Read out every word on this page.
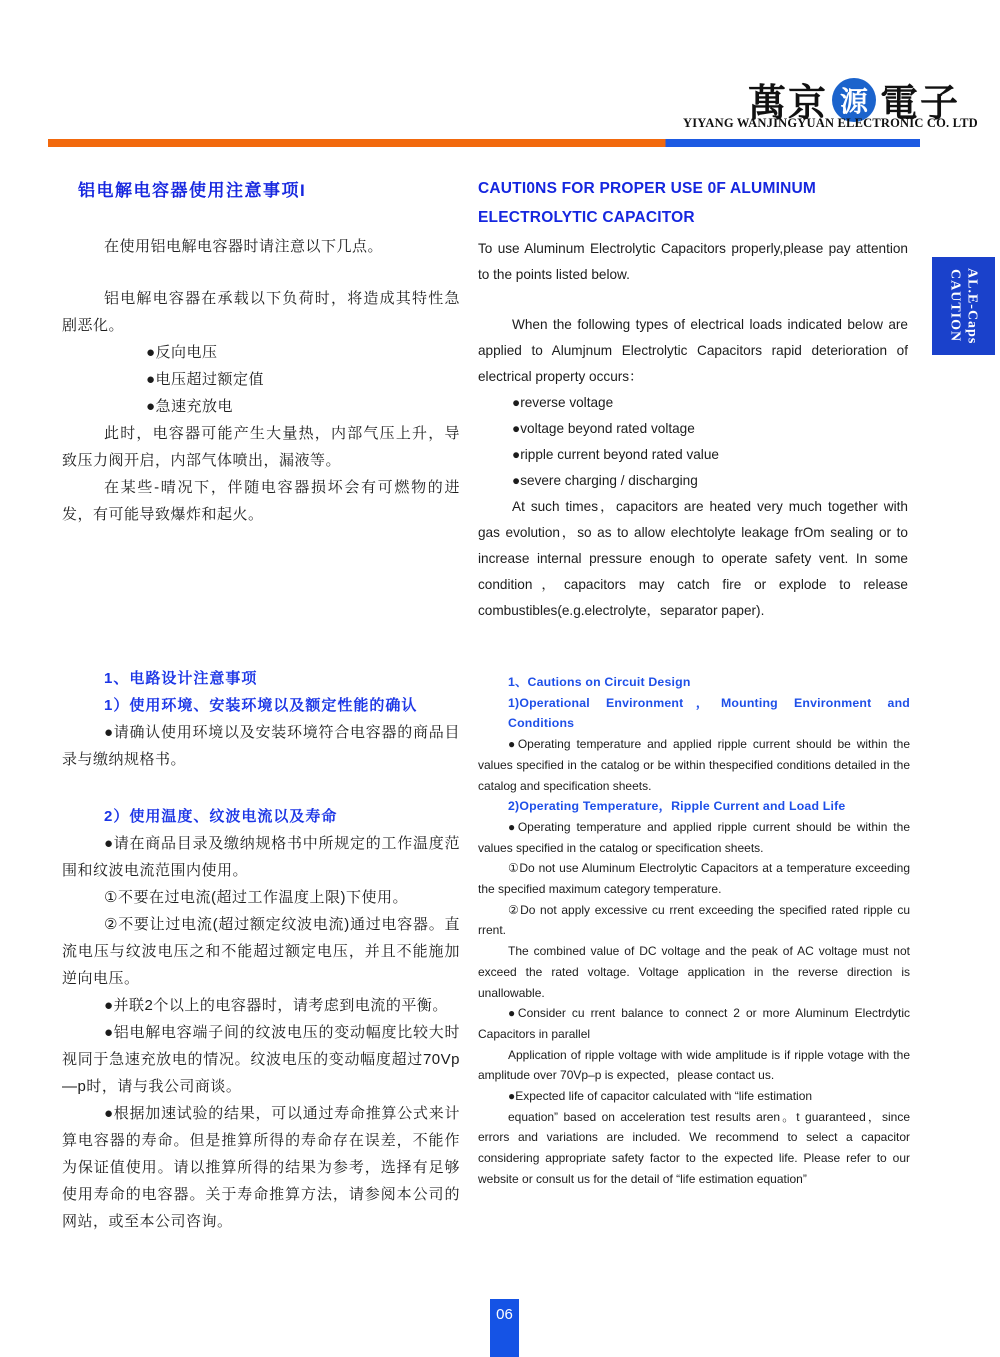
萬京 源 電子
YIYANG WANJINGYUAN ELECTRONIC CO. LTD
铝电解电容器使用注意事项I	CAUTI0NS FOR PROPER USE 0F ALUMINUM ELECTROLYTIC CAPACITOR
CAUTION AL.E-Caps

在使用铝电解电容器时请注意以下几点。

铝电解电容器在承载以下负荷时，将造成其特性急剧恶化。

●反向电压

●电压超过额定值

●急速充放电

此时，电容器可能产生大量热，内部气压上升，导致压力阀开启，内部气体喷出，漏液等。

在某些-晴况下，伴随电容器损坏会有可燃物的进发，有可能导致爆炸和起火。

1、电路设计注意事项
1）使用环境、安装环境以及额定性能的确认

●请确认使用环境以及安装环境符合电容器的商品目录与缴纳规格书。

2）使用温度、纹波电流以及寿命

●请在商品目录及缴纳规格书中所规定的工作温度范围和纹波电流范围内使用。

①不要在过电流(超过工作温度上限)下使用。

②不要让过电流(超过额定纹波电流)通过电容器。直流电压与纹波电压之和不能超过额定电压，并且不能施加逆向电压。

●并联2个以上的电容器时，请考虑到电流的平衡。

●铝电解电容端子间的纹波电压的变动幅度比较大时视同于急速充放电的情况。纹波电压的变动幅度超过70Vp—p时，请与我公司商谈。

●根据加速试验的结果，可以通过寿命推算公式来计算电容器的寿命。但是推算所得的寿命存在误差，不能作为保证值使用。请以推算所得的结果为参考，选择有足够使用寿命的电容器。关于寿命推算方法，请参阅本公司的网站，或至本公司咨询。

To use Aluminum Electrolytic Capacitors properly,please pay attention to the points listed below.

When the following types of electrical loads indicated below are applied to Alumjnum Electrolytic Capacitors rapid deterioration of electrical property occurs：

●reverse voltage

●voltage beyond rated voltage

●ripple current beyond rated value

●severe charging / discharging

At such times，capacitors are heated very much together with gas evolution，so as to allow elechtolyte leakage frOm sealing or to increase internal pressure enough to operate safety vent. In some condition，capacitors may catch fire or explode to release combustibles(e.g.electrolyte，separator paper).

1、Cautions on Circuit Design
1)Operational Environment，Mounting Environment and Conditions

●Operating temperature and applied ripple current should be within the values specified in the catalog or be within thespecified conditions detailed in the catalog and specification sheets.

2)Operating Temperature，Ripple Current and Load Life

●Operating temperature and applied ripple current should be within the values specified in the catalog or specification sheets.

①Do not use Aluminum Electrolytic Capacitors at a temperature exceeding the specified maximum category temperature.

②Do not apply excessive cu rrent exceeding the specified rated ripple cu rrent.

The combined value of DC voltage and the peak of AC voltage must not exceed the rated voltage. Voltage application in the reverse direction is unallowable.

●Consider cu rrent balance to connect 2 or more Aluminum Electrdytic Capacitors in parallel

Application of ripple voltage with wide amplitude is if ripple votage with the amplitude over 70Vp–p is expected，please contact us.

●Expected life of capacitor calculated with “life estimation

equation” based on acceleration test results aren。t guaranteed，since errors and variations are included. We recommend to select a capacitor considering appropriate safety factor to the expected life. Please refer to our website or consult us for the detail of “life estimation equation”

06
